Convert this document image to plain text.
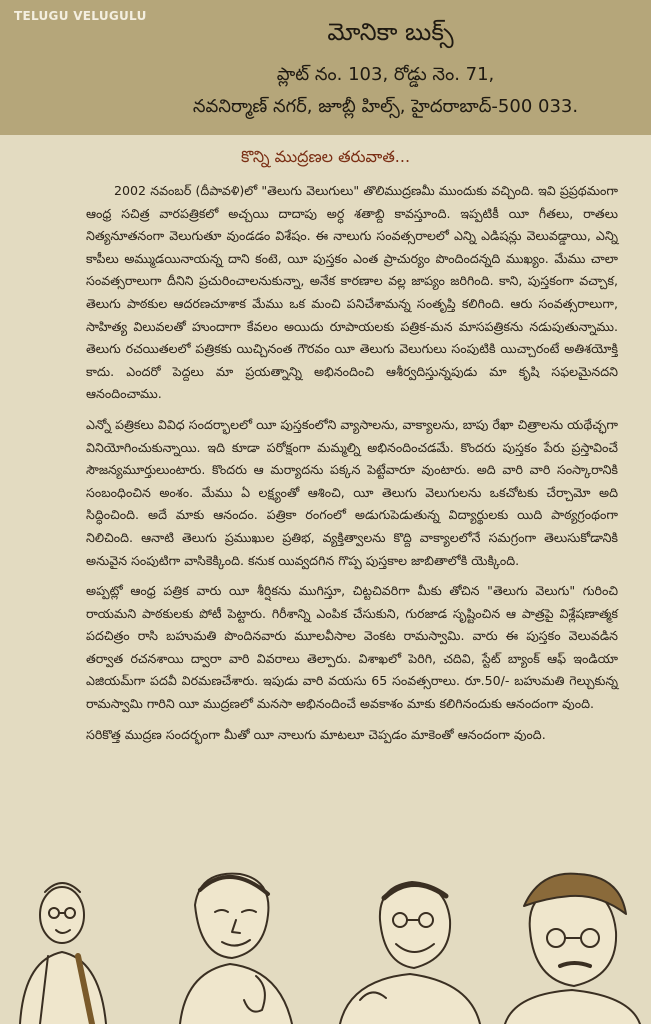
TELUGU VELUGULU
మోనికా బుక్స్
ప్లాట్ నం. 103, రోడ్డు నెం. 71,
నవనిర్మాణ్ నగర్, జూబ్లీ హిల్స్, హైదరాబాద్-500 033.
కొన్ని ముద్రణల తరువాత...

2002 నవంబర్ (దీపావళి)లో "తెలుగు వెలుగులు" తొలిముద్రణమీ ముందుకు వచ్చింది. ఇవి ప్రప్రథమంగా ఆంధ్ర సచిత్ర వారపత్రికలో అచ్చయి దాదాపు అర్ధ శతాబ్ది కావస్తూంది. ఇప్పటికీ యీ గీతలు, రాతలు నిత్యనూతనంగా వెలుగుతూ వుండడం విశేషం. ఈ నాలుగు సంవత్సరాలలో ఎన్ని ఎడిషన్లు వెలువడ్డాయి, ఎన్ని కాపీలు అమ్ముడయినాయన్న దాని కంటె, యీ పుస్తకం ఎంత ప్రాచుర్యం పొందిందన్నది ముఖ్యం. మేము చాలా సంవత్సరాలుగా దీనిని ప్రచురించాలనుకున్నా, అనేక కారణాల వల్ల జాప్యం జరిగింది. కాని, పుస్తకంగా వచ్చాక, తెలుగు పాఠకుల ఆదరణచూశాక మేము ఒక మంచి పనిచేశామన్న సంతృప్తి కలిగింది. ఆరు సంవత్సరాలుగా, సాహిత్య విలువలతో హుందాగా కేవలం అయిదు రూపాయలకు పత్రిక-మన మాసపత్రికను నడుపుతున్నాము. తెలుగు రచయితలలో పత్రికకు యిచ్చినంత గౌరవం యీ తెలుగు వెలుగులు సంపుటికి యిచ్చారంటే అతిశయోక్తి కాదు. ఎందరో పెద్దలు మా ప్రయత్నాన్ని అభినందించి ఆశీర్వదిస్తున్నపుడు మా కృషి సఫలమైనదని ఆనందించాము.

ఎన్నో పత్రికలు వివిధ సందర్భాలలో యీ పుస్తకంలోని వ్యాసాలను, వాక్యాలను, బాపు రేఖా చిత్రాలను యథేచ్ఛగా వినియోగించుకున్నాయి. ఇది కూడా పరోక్షంగా మమ్మల్ని అభినందించడమే. కొందరు పుస్తకం పేరు ప్రస్తావించే సౌజన్యమూర్తులుంటారు. కొందరు ఆ మర్యాదను పక్కన పెట్టేవారూ వుంటారు. అది వారి వారి సంస్కారానికి సంబంధించిన అంశం. మేము ఏ లక్ష్యంతో ఆశించి, యీ తెలుగు వెలుగులను ఒకచోటకు చేర్చామో అది సిద్ధించింది. అదే మాకు ఆనందం. పత్రికా రంగంలో అడుగుపెడుతున్న విద్యార్థులకు యిది పాఠ్యగ్రంథంగా నిలిచింది. ఆనాటి తెలుగు ప్రముఖుల ప్రతిభ, వ్యక్తిత్వాలను కొద్ది వాక్యాలలోనే సమగ్రంగా తెలుసుకోడానికి అనువైన సంపుటిగా వాసికెక్కింది. కనుక యివ్వదగిన గొప్ప పుస్తకాల జాబితాలోకి యెక్కింది.

అప్పట్లో ఆంధ్ర పత్రిక వారు యీ శీర్షికను ముగిస్తూ, చిట్టచివరిగా మీకు తోచిన "తెలుగు వెలుగు" గురించి రాయమని పాఠకులకు పోటీ పెట్టారు. గిరీశాన్ని ఎంపిక చేసుకుని, గురజాడ సృష్టించిన ఆ పాత్రపై విశ్లేషణాత్మక పదచిత్రం రాసి బహుమతి పొందినవారు మూలవీసాల వెంకట రామస్వామి. వారు ఈ పుస్తకం వెలువడిన తర్వాత రచనశాయి ద్వారా వారి వివరాలు తెల్పారు. విశాఖలో పెరిగి, చదివి, స్టేట్ బ్యాంక్ ఆఫ్ ఇండియా ఎజియమ్‌గా పదవీ విరమణచేశారు. ఇపుడు వారి వయసు 65 సంవత్సరాలు. రూ.50/- బహుమతి గెల్చుకున్న రామస్వామి గారిని యీ ముద్రణలో మనసా అభినందించే అవకాశం మాకు కలిగినందుకు ఆనందంగా వుంది.

సరికొత్త ముద్రణ సందర్భంగా మీతో యీ నాలుగు మాటలూ చెప్పడం మాకెంతో ఆనందంగా వుంది.
